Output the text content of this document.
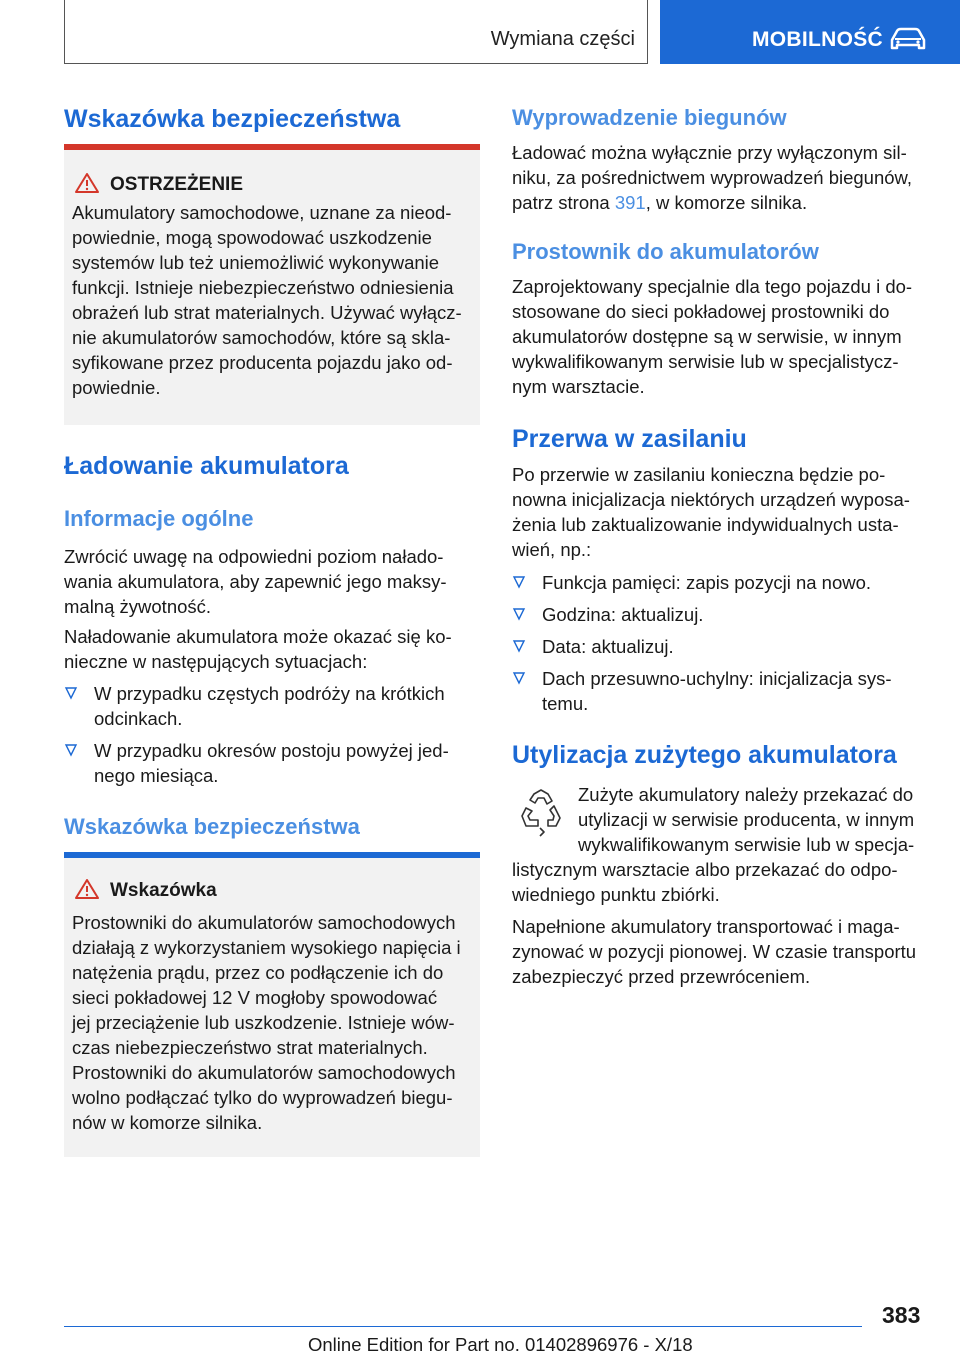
Wymiana części	MOBILNOŚĆ
Wskazówka bezpieczeństwa
OSTRZEŻENIE

Akumulatory samochodowe, uznane za nieod-

powiednie, mogą spowodować uszkodzenie

systemów lub też uniemożliwić wykonywanie

funkcji. Istnieje niebezpieczeństwo odniesienia

obrażeń lub strat materialnych. Używać wyłącz-

nie akumulatorów samochodów, które są skla-

syfikowane przez producenta pojazdu jako od-

powiednie.

Ładowanie akumulatora
Informacje ogólne

Zwrócić uwagę na odpowiedni poziom nałado-

wania akumulatora, aby zapewnić jego maksy-

malną żywotność.

Naładowanie akumulatora może okazać się ko-

nieczne w następujących sytuacjach:

W przypadku częstych podróży na krótkich
odcinkach.
W przypadku okresów postoju powyżej jed-
nego miesiąca.
Wskazówka bezpieczeństwa
Wskazówka

Prostowniki do akumulatorów samochodowych

działają z wykorzystaniem wysokiego napięcia i

natężenia prądu, przez co podłączenie ich do

sieci pokładowej 12 V mogłoby spowodować

jej przeciążenie lub uszkodzenie. Istnieje wów-

czas niebezpieczeństwo strat materialnych.

Prostowniki do akumulatorów samochodowych

wolno podłączać tylko do wyprowadzeń biegu-

nów w komorze silnika.

Wyprowadzenie biegunów

Ładować można wyłącznie przy wyłączonym sil-

niku, za pośrednictwem wyprowadzeń biegunów,

patrz strona 391, w komorze silnika.

Prostownik do akumulatorów

Zaprojektowany specjalnie dla tego pojazdu i do-

stosowane do sieci pokładowej prostowniki do

akumulatorów dostępne są w serwisie, w innym

wykwalifikowanym serwisie lub w specjalistycz-

nym warsztacie.

Przerwa w zasilaniu

Po przerwie w zasilaniu konieczna będzie po-

nowna inicjalizacja niektórych urządzeń wyposa-

żenia lub zaktualizowanie indywidualnych usta-

wień, np.:

Funkcja pamięci: zapis pozycji na nowo.
Godzina: aktualizuj.
Data: aktualizuj.
Dach przesuwno-uchylny: inicjalizacja sys-
temu.
Utylizacja zużytego akumulatora

Zużyte akumulatory należy przekazać do

utylizacji w serwisie producenta, w innym

wykwalifikowanym serwisie lub w specja-

listycznym warsztacie albo przekazać do odpo-

wiedniego punktu zbiórki.

Napełnione akumulatory transportować i maga-

zynować w pozycji pionowej. W czasie transportu

zabezpieczyć przed przewróceniem.

383
Online Edition for Part no. 01402896976 - X/18
